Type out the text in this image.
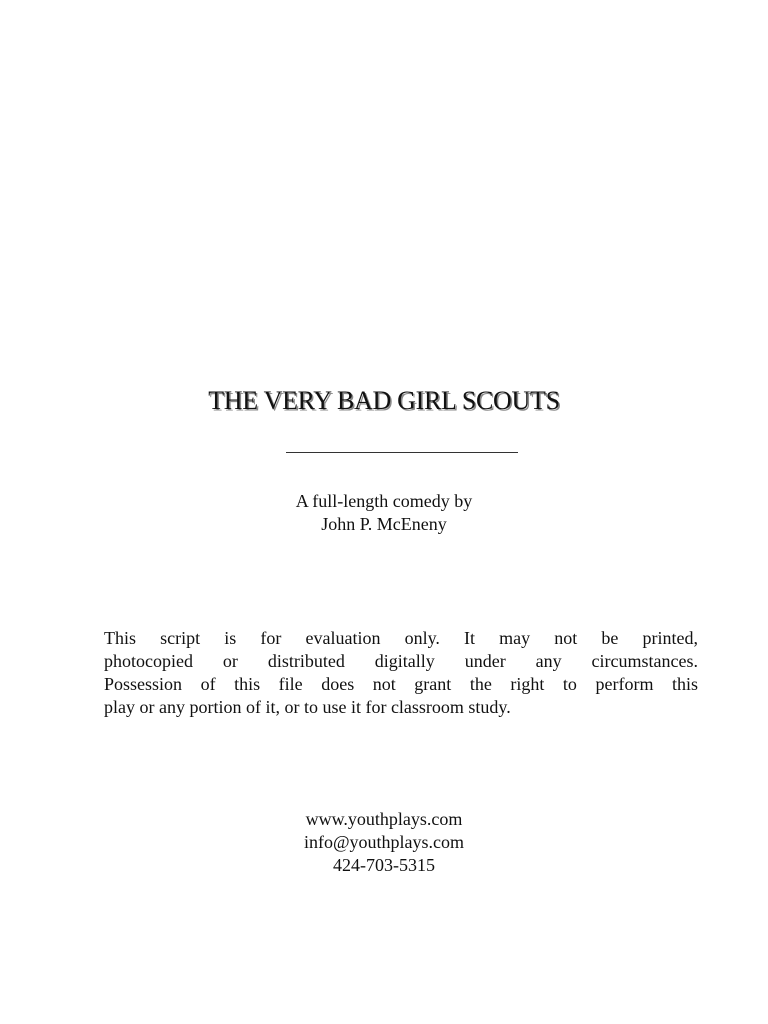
THE VERY BAD GIRL SCOUTS
A full-length comedy by
John P. McEneny
This script is for evaluation only. It may not be printed,
photocopied or distributed digitally under any circumstances.
Possession of this file does not grant the right to perform this
play or any portion of it, or to use it for classroom study.
www.youthplays.com
info@youthplays.com
424-703-5315
